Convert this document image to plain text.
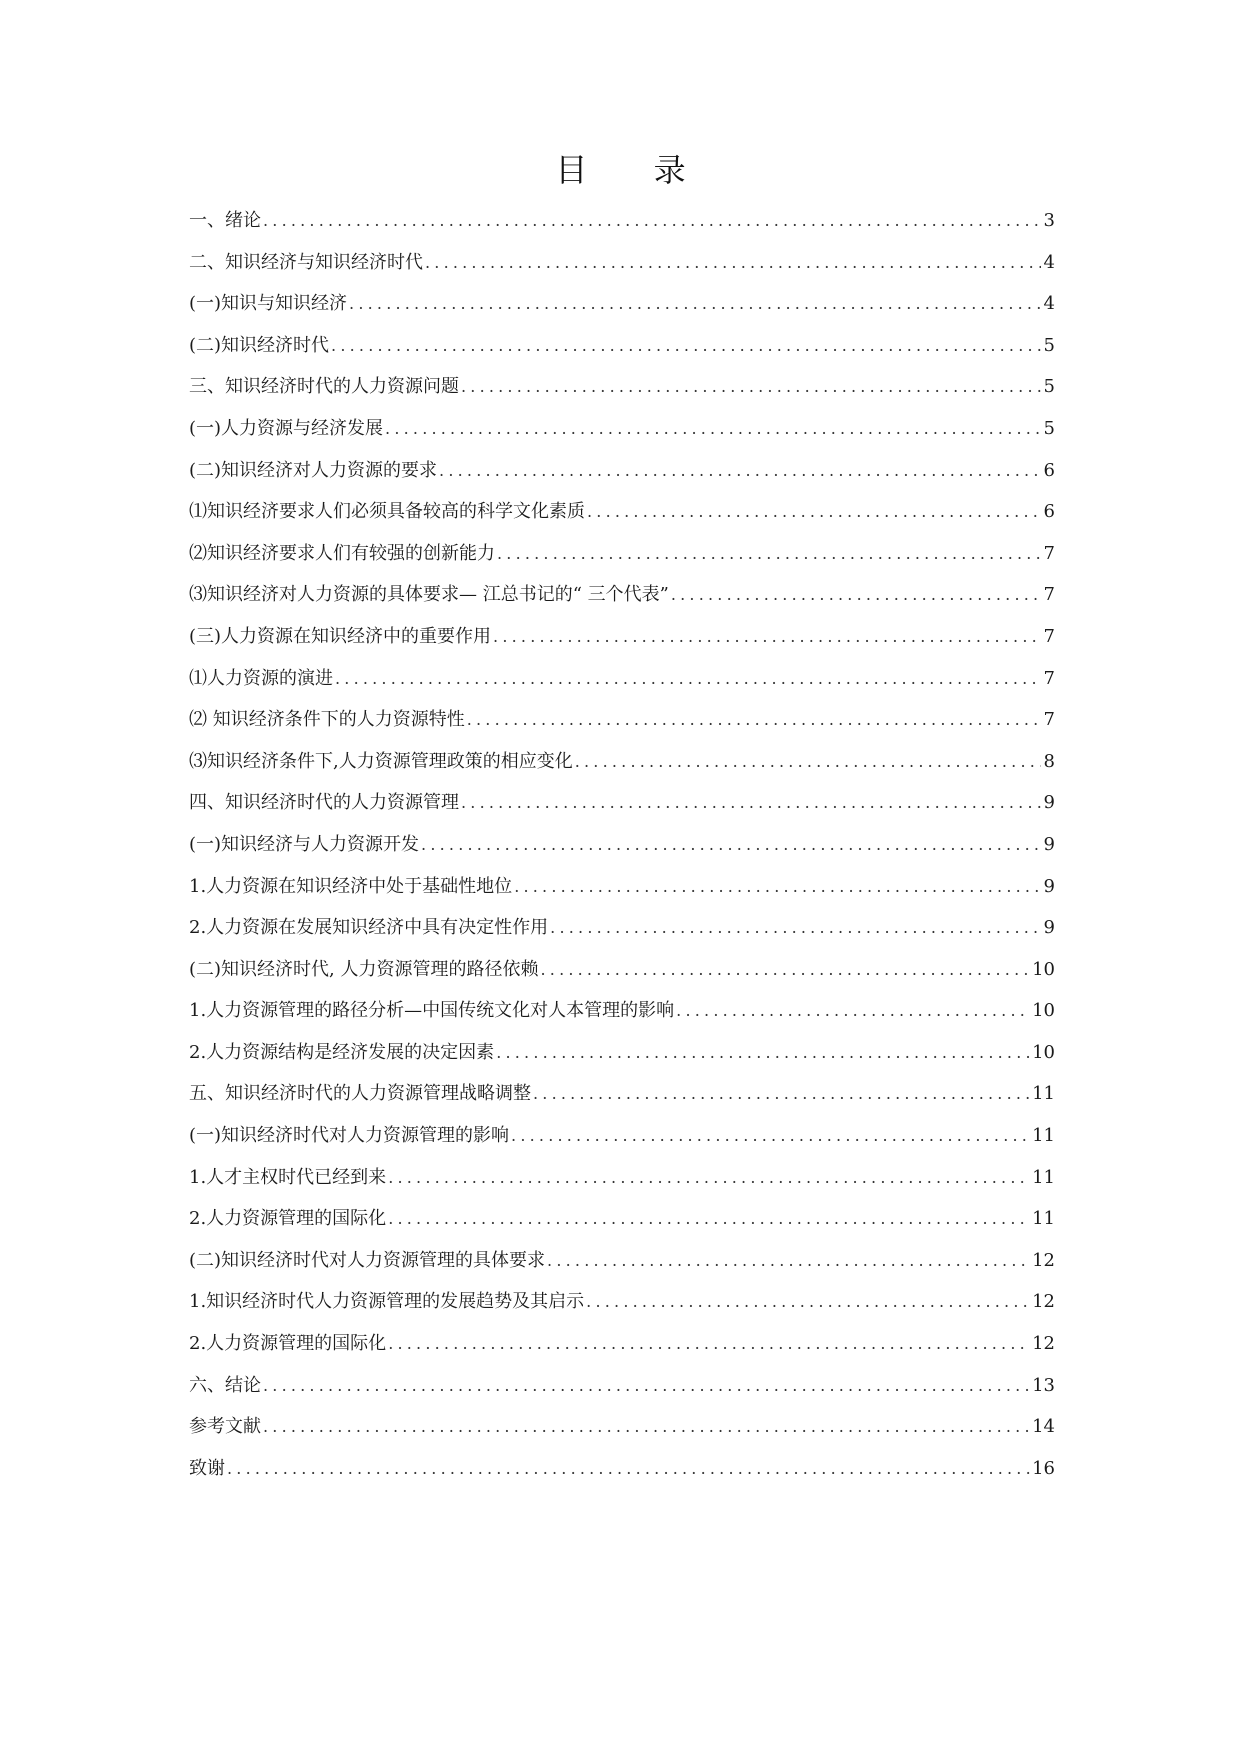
目 录
一、绪论 .....	3
二、知识经济与知识经济时代 .....	4
(一)知识与知识经济 .....	4
(二)知识经济时代 .....	5
三、知识经济时代的人力资源问题 .....	5
(一)人力资源与经济发展 .....	5
(二)知识经济对人力资源的要求 .....	6
⑴知识经济要求人们必须具备较高的科学文化素质 .....	6
⑵知识经济要求人们有较强的创新能力 .....	7
⑶知识经济对人力资源的具体要求— 江总书记的“ 三个代表” .....	7
(三)人力资源在知识经济中的重要作用 .....	7
⑴人力资源的演进 .....	7
⑵ 知识经济条件下的人力资源特性 .....	7
⑶知识经济条件下,人力资源管理政策的相应变化 .....	8
四、知识经济时代的人力资源管理 .....	9
(一)知识经济与人力资源开发 .....	9
1.人力资源在知识经济中处于基础性地位 .....	9
2.人力资源在发展知识经济中具有决定性作用 .....	9
(二)知识经济时代, 人力资源管理的路径依赖 .....	10
1.人力资源管理的路径分析—中国传统文化对人本管理的影响 .....	10
2.人力资源结构是经济发展的决定因素 .....	10
五、知识经济时代的人力资源管理战略调整 .....	11
(一)知识经济时代对人力资源管理的影响 .....	11
1.人才主权时代已经到来 .....	11
2.人力资源管理的国际化 .....	11
(二)知识经济时代对人力资源管理的具体要求 .....	12
1.知识经济时代人力资源管理的发展趋势及其启示 .....	12
2.人力资源管理的国际化 .....	12
六、结论 .....	13
参考文献 .....	14
致谢 .....	16
